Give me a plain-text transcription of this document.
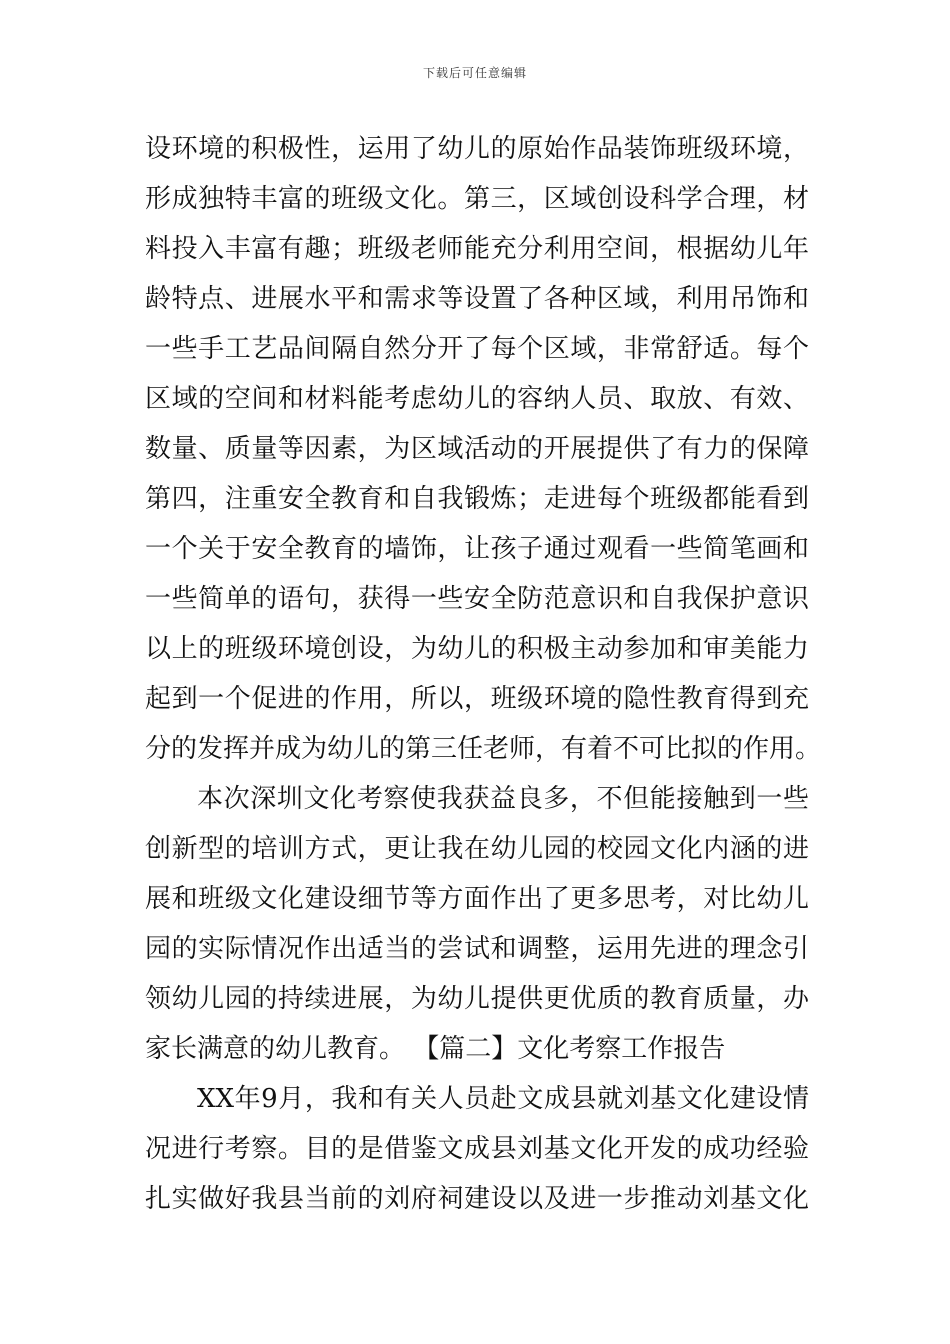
下载后可任意编辑
设环境的积极性，运用了幼儿的原始作品装饰班级环境，
形成独特丰富的班级文化。第三，区域创设科学合理，材
料投入丰富有趣；班级老师能充分利用空间，根据幼儿年
龄特点、进展水平和需求等设置了各种区域，利用吊饰和
一些手工艺品间隔自然分开了每个区域，非常舒适。每个
区域的空间和材料能考虑幼儿的容纳人员、取放、有效、
数量、质量等因素，为区域活动的开展提供了有力的保障
第四，注重安全教育和自我锻炼；走进每个班级都能看到
一个关于安全教育的墙饰，让孩子通过观看一些简笔画和
一些简单的语句，获得一些安全防范意识和自我保护意识
以上的班级环境创设，为幼儿的积极主动参加和审美能力
起到一个促进的作用，所以，班级环境的隐性教育得到充
分的发挥并成为幼儿的第三任老师，有着不可比拟的作用。
本次深圳文化考察使我获益良多，不但能接触到一些
创新型的培训方式，更让我在幼儿园的校园文化内涵的进
展和班级文化建设细节等方面作出了更多思考，对比幼儿
园的实际情况作出适当的尝试和调整，运用先进的理念引
领幼儿园的持续进展，为幼儿提供更优质的教育质量，办
家长满意的幼儿教育。 【篇二】文化考察工作报告
XX年9月，我和有关人员赴文成县就刘基文化建设情
况进行考察。目的是借鉴文成县刘基文化开发的成功经验
扎实做好我县当前的刘府祠建设以及进一步推动刘基文化
